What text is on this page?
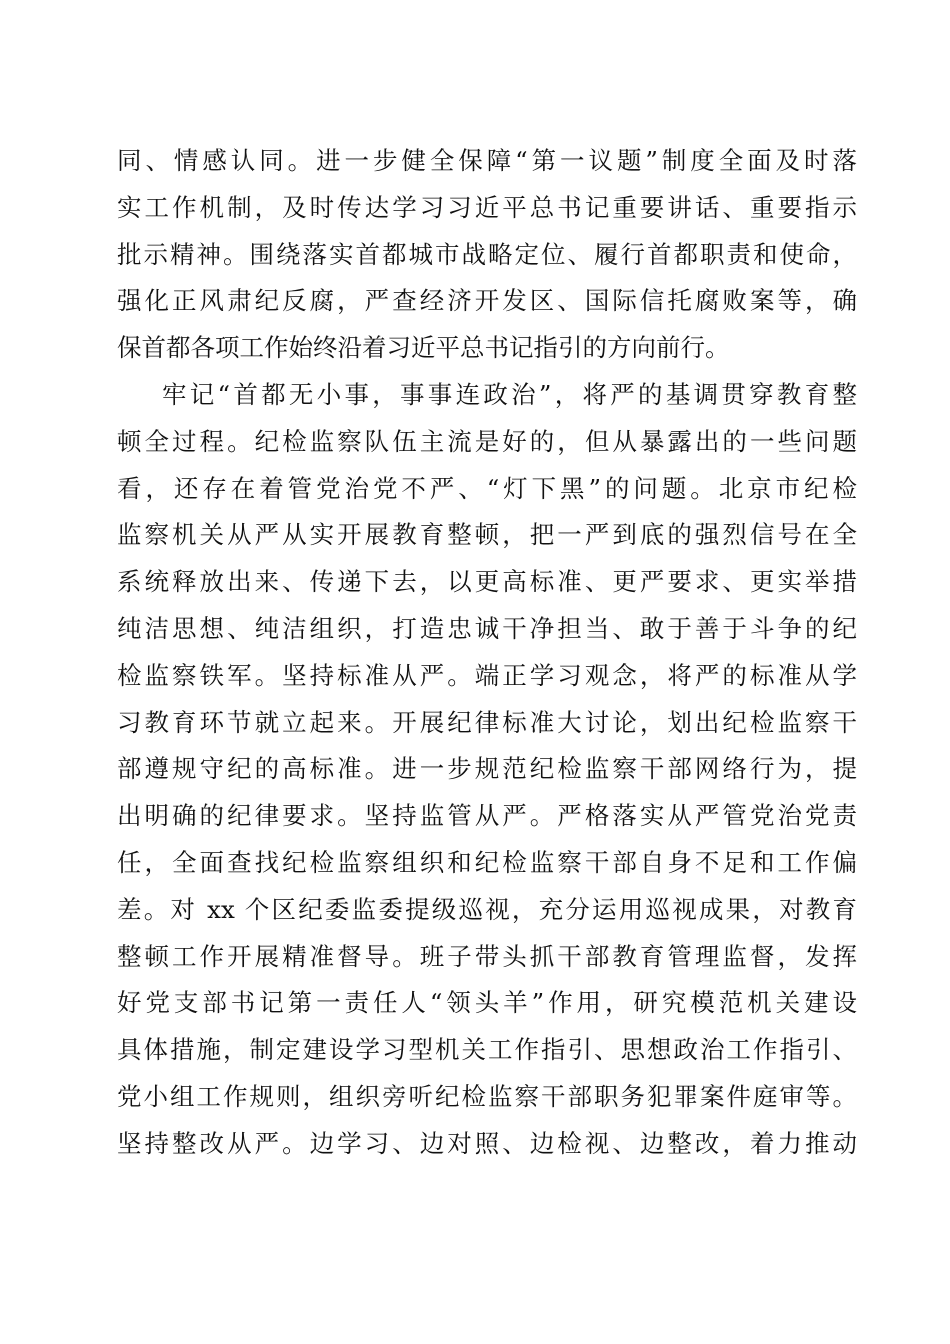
同、情感认同。进一步健全保障“第一议题”制度全面及时落
实工作机制，及时传达学习习近平总书记重要讲话、重要指示
批示精神。围绕落实首都城市战略定位、履行首都职责和使命，
强化正风肃纪反腐，严查经济开发区、国际信托腐败案等，确
保首都各项工作始终沿着习近平总书记指引的方向前行。
牢记“首都无小事，事事连政治”，将严的基调贯穿教育整
顿全过程。纪检监察队伍主流是好的，但从暴露出的一些问题
看，还存在着管党治党不严、“灯下黑”的问题。北京市纪检
监察机关从严从实开展教育整顿，把一严到底的强烈信号在全
系统释放出来、传递下去，以更高标准、更严要求、更实举措
纯洁思想、纯洁组织，打造忠诚干净担当、敢于善于斗争的纪
检监察铁军。坚持标准从严。端正学习观念，将严的标准从学
习教育环节就立起来。开展纪律标准大讨论，划出纪检监察干
部遵规守纪的高标准。进一步规范纪检监察干部网络行为，提
出明确的纪律要求。坚持监管从严。严格落实从严管党治党责
任，全面查找纪检监察组织和纪检监察干部自身不足和工作偏
差。对 xx 个区纪委监委提级巡视，充分运用巡视成果，对教育
整顿工作开展精准督导。班子带头抓干部教育管理监督，发挥
好党支部书记第一责任人“领头羊”作用，研究模范机关建设
具体措施，制定建设学习型机关工作指引、思想政治工作指引、
党小组工作规则，组织旁听纪检监察干部职务犯罪案件庭审等。
坚持整改从严。边学习、边对照、边检视、边整改，着力推动
